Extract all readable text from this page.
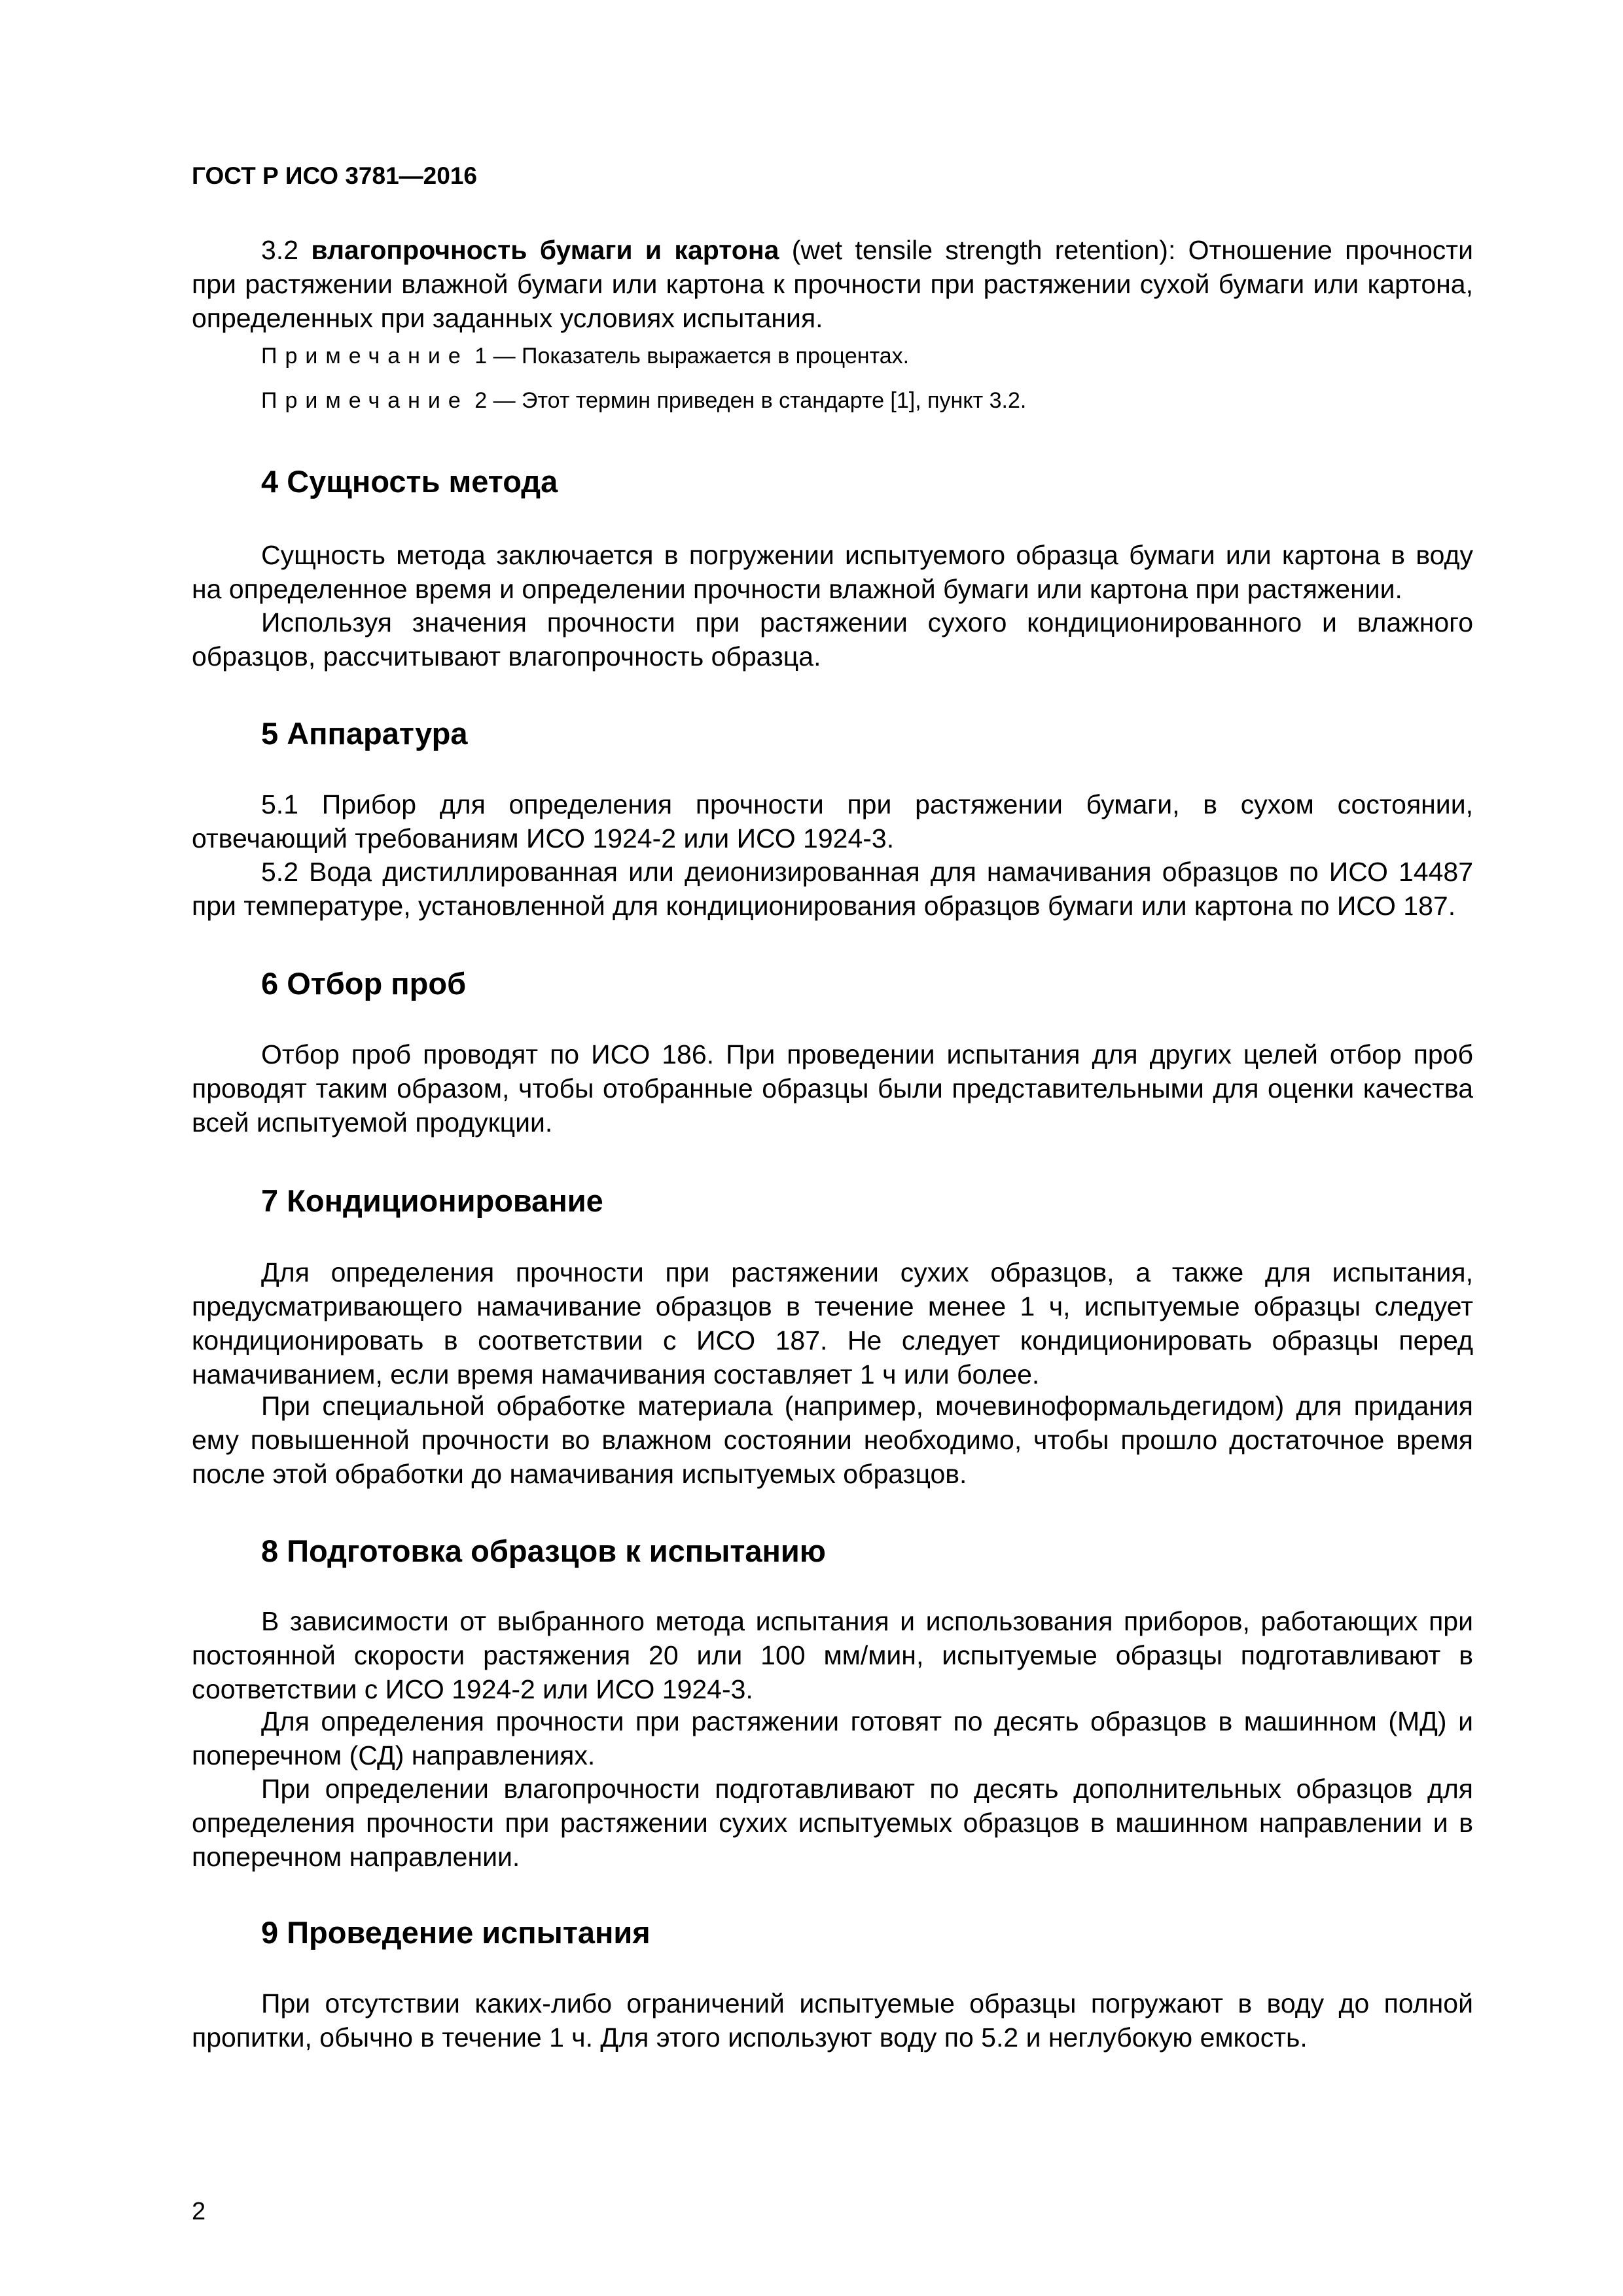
ГОСТ Р ИСО 3781—2016

3.2 влагопрочность бумаги и картона (wet tensile strength retention): Отношение прочности при растяжении влажной бумаги или картона к прочности при растяжении сухой бумаги или картона, определенных при заданных условиях испытания.

Примечание 1 — Показатель выражается в процентах.
Примечание 2 — Этот термин приведен в стандарте [1], пункт 3.2.
4 Сущность метода

Сущность метода заключается в погружении испытуемого образца бумаги или картона в воду на определенное время и определении прочности влажной бумаги или картона при растяжении.

Используя значения прочности при растяжении сухого кондиционированного и влажного образцов, рассчитывают влагопрочность образца.

5 Аппаратура

5.1 Прибор для определения прочности при растяжении бумаги, в сухом состоянии, отвечающий требованиям ИСО 1924-2 или ИСО 1924-3.

5.2 Вода дистиллированная или деионизированная для намачивания образцов по ИСО 14487 при температуре, установленной для кондиционирования образцов бумаги или картона по ИСО 187.

6 Отбор проб

Отбор проб проводят по ИСО 186. При проведении испытания для других целей отбор проб проводят таким образом, чтобы отобранные образцы были представительными для оценки качества всей испытуемой продукции.

7 Кондиционирование

Для определения прочности при растяжении сухих образцов, а также для испытания, предусматривающего намачивание образцов в течение менее 1 ч, испытуемые образцы следует кондиционировать в соответствии с ИСО 187. Не следует кондиционировать образцы перед намачиванием, если время намачивания составляет 1 ч или более.

При специальной обработке материала (например, мочевиноформальдегидом) для придания ему повышенной прочности во влажном состоянии необходимо, чтобы прошло достаточное время после этой обработки до намачивания испытуемых образцов.

8 Подготовка образцов к испытанию

В зависимости от выбранного метода испытания и использования приборов, работающих при постоянной скорости растяжения 20 или 100 мм/мин, испытуемые образцы подготавливают в соответствии с ИСО 1924-2 или ИСО 1924-3.

Для определения прочности при растяжении готовят по десять образцов в машинном (МД) и поперечном (СД) направлениях.

При определении влагопрочности подготавливают по десять дополнительных образцов для определения прочности при растяжении сухих испытуемых образцов в машинном направлении и в поперечном направлении.

9 Проведение испытания

При отсутствии каких-либо ограничений испытуемые образцы погружают в воду до полной пропитки, обычно в течение 1 ч. Для этого используют воду по 5.2 и неглубокую емкость.

2
